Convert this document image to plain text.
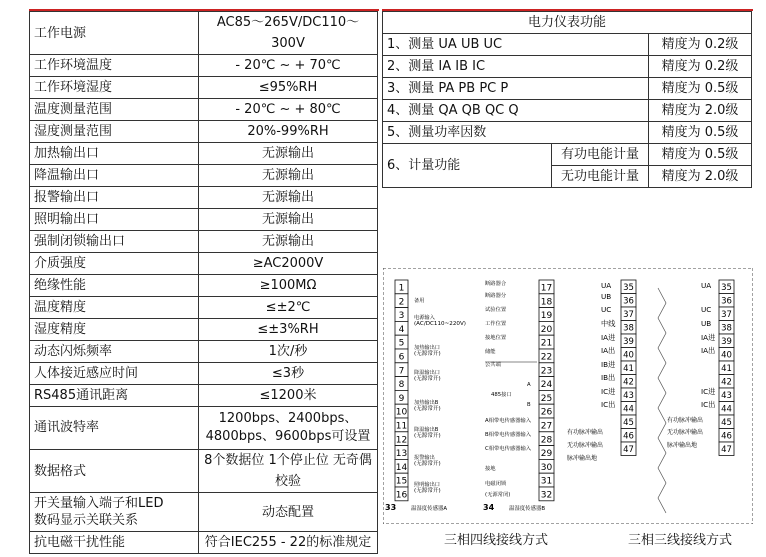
工作电源	AC85～265V/DC110～300V
工作环境温度	- 20℃ ~ + 70℃
工作环境湿度	≤95%RH
温度测量范围	- 20℃ ~ + 80℃
湿度测量范围	20%-99%RH
加热输出口	无源输出
降温输出口	无源输出
报警输出口	无源输出
照明输出口	无源输出
强制闭锁输出口	无源输出
介质强度	≥AC2000V
绝缘性能	≥100MΩ
温度精度	≤±2℃
湿度精度	≤±3%RH
动态闪烁频率	1次/秒
人体接近感应时间	≤3秒
RS485通讯距离	≤1200米
通讯波特率	1200bps、2400bps、
4800bps、9600bps可设置
数据格式	8个数据位 1个停止位 无奇偶校验
开关量输入端子和LED
数码显示关联关系	动态配置
抗电磁干扰性能	符合IEC255 - 22的标准规定
电力仪表功能		
1、测量 UA UB UC		精度为 0.2级
2、测量 IA IB IC		精度为 0.2级
3、测量 PA PB PC P		精度为 0.5级
4、测量 QA QB QC Q		精度为 2.0级
5、测量功率因数		精度为 0.5级
6、计量功能	有功电能计量	精度为 0.5级
	无功电能计量	精度为 2.0级
1
2
3
4
5
6
7
8
9
10
11
12
13
14
15
16
备用
电源输入
(AC/DC110~220V)
加热输出口
(无源常开)
降温输出口
(无源常开)
加热输出B
(无源常开)
降温输出B
(无源常开)
报警输出
(无源常开)
照明输出口
(无源常开)
17
18
19
20
21
22
23
24
25
26
27
28
29
30
31
32
断路器合
断路器分
试验位置
工作位置
接地位置
储能
公共端
A
485接口
B
A相带电传感器输入
B相带电传感器输入
C相带电传感器输入
接地
电磁闭锁
(无源常闭)
33	温湿度传感器A	34	温湿度传感器B
35
36
37
38
39
40
41
42
43
44
45
46
47
UA
UB
UC
中线
IA进
IA出
IB进
IB出
IC进
IC出
有功脉冲输出
无功脉冲输出
脉冲输出地
35
36
37
38
39
40
41
42
43
44
45
46
47
UA
UC
UB
IA进
IA出
IC进
IC出
有功脉冲输出
无功脉冲输出
脉冲输出地
三相四线接线方式	三相三线接线方式
